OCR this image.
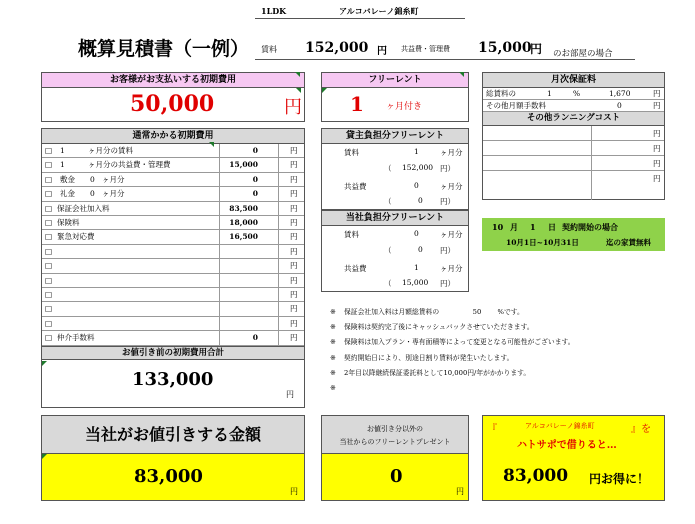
概算見積書（一例）
1LDK	アルコバレーノ錦糸町
賃料 152,000 円 共益費・管理費 15,000
円 のお部屋の場合
お客様がお支払いする初期費用
50,000	円
フリーレント
1 ヶ月付き
月次保証料
総賃料の	1	%	1,670	円
その他月額手数料	0	円
その他ランニングコスト
円
円
円
円
通常かかる初期費用
□ 1	ヶ月分の賃料	0	円
□ 1	ヶ月分の共益費・管理費	15,000	円
□ 敷金 0 ヶ月分	0	円
□ 礼金 0 ヶ月分	0	円
□ 保証会社加入料	83,500	円
□ 保険料	18,000	円
□ 緊急対応費	16,500	円
□	円
□	円
□	円
□	円
□	円
□	円
□ 仲介手数料	0	円
お値引き前の初期費用合計
133,000
円
貸主負担分フリーレント
賃料	1	ヶ月分
（ 152,000 円）
共益費	0	ヶ月分
（	0 円）
当社負担分フリーレント
賃料	0	ヶ月分
（	0 円）
共益費	1	ヶ月分
（ 15,000 円）
10 月 1 日 契約開始の場合
10月1日~10月31日	迄の家賃無料
※ 保証会社加入料は月額総賃料の	50 %です。
※ 保険料は契約完了後にキャッシュバックさせていただきます。
※ 保険料は加入プラン・専有面積等によって変更となる可能性がございます。
※ 契約開始日により、別途日割り賃料が発生いたします。
※ 2年目以降継続保証委託料として10,000円/年がかかります。
※
当社がお値引きする金額
83,000
円
お値引き分以外の
当社からのフリーレントプレゼント
0
円
『	アルコバレーノ錦糸町	』を
ハトサポで借りると…
83,000 円お得に！
